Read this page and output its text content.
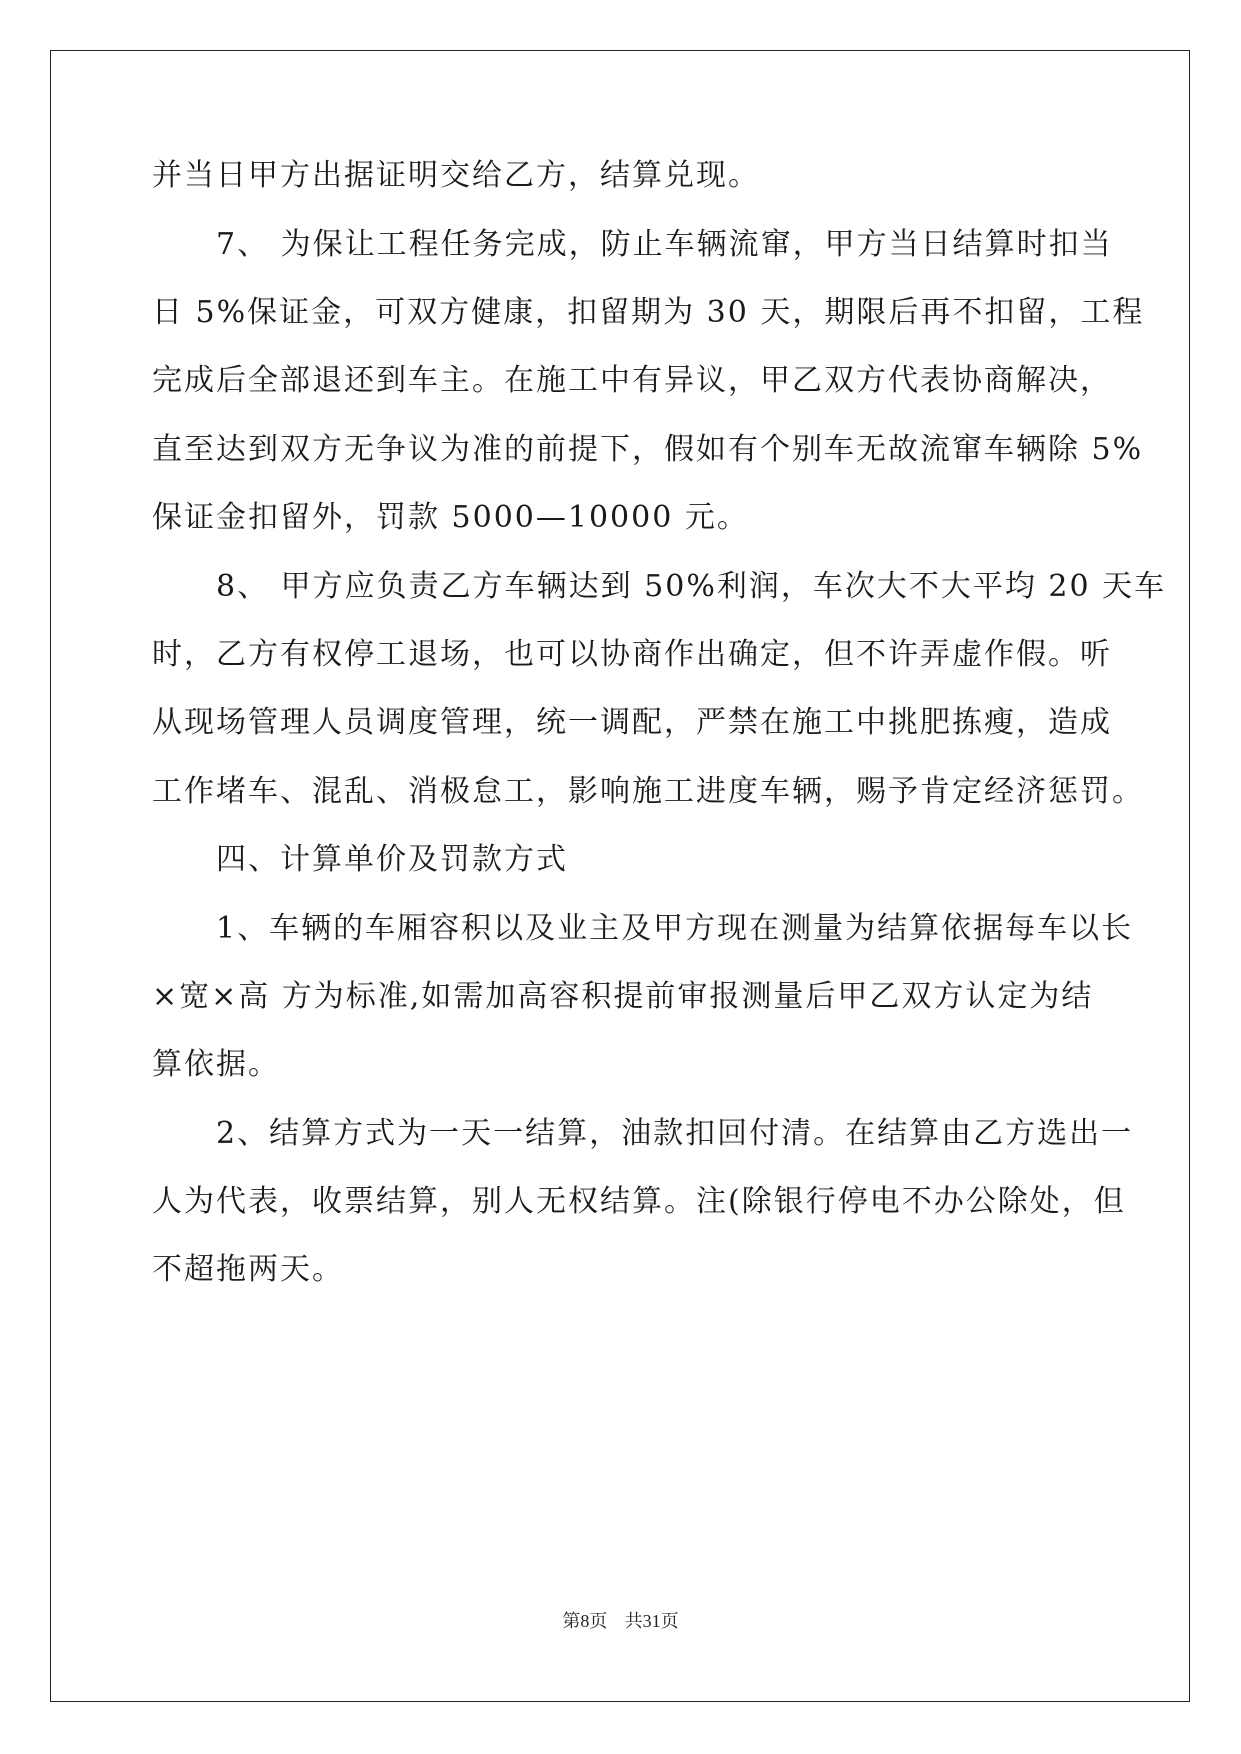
并当日甲方出据证明交给乙方，结算兑现。
　　7、 为保让工程任务完成，防止车辆流窜，甲方当日结算时扣当
日 5%保证金，可双方健康，扣留期为 30 天，期限后再不扣留，工程
完成后全部退还到车主。在施工中有异议，甲乙双方代表协商解决，
直至达到双方无争议为准的前提下，假如有个别车无故流窜车辆除 5%
保证金扣留外，罚款 5000—10000 元。
　　8、 甲方应负责乙方车辆达到 50%利润，车次大不大平均 20 天车
时，乙方有权停工退场，也可以协商作出确定，但不许弄虚作假。听
从现场管理人员调度管理，统一调配，严禁在施工中挑肥拣瘦，造成
工作堵车、混乱、消极怠工，影响施工进度车辆，赐予肯定经济惩罚。
　　四、计算单价及罚款方式
　　1、车辆的车厢容积以及业主及甲方现在测量为结算依据每车以长
×宽×高 方为标准,如需加高容积提前审报测量后甲乙双方认定为结
算依据。
　　2、结算方式为一天一结算，油款扣回付清。在结算由乙方选出一
人为代表，收票结算，别人无权结算。注(除银行停电不办公除处，但
不超拖两天。
第8页 共31页
